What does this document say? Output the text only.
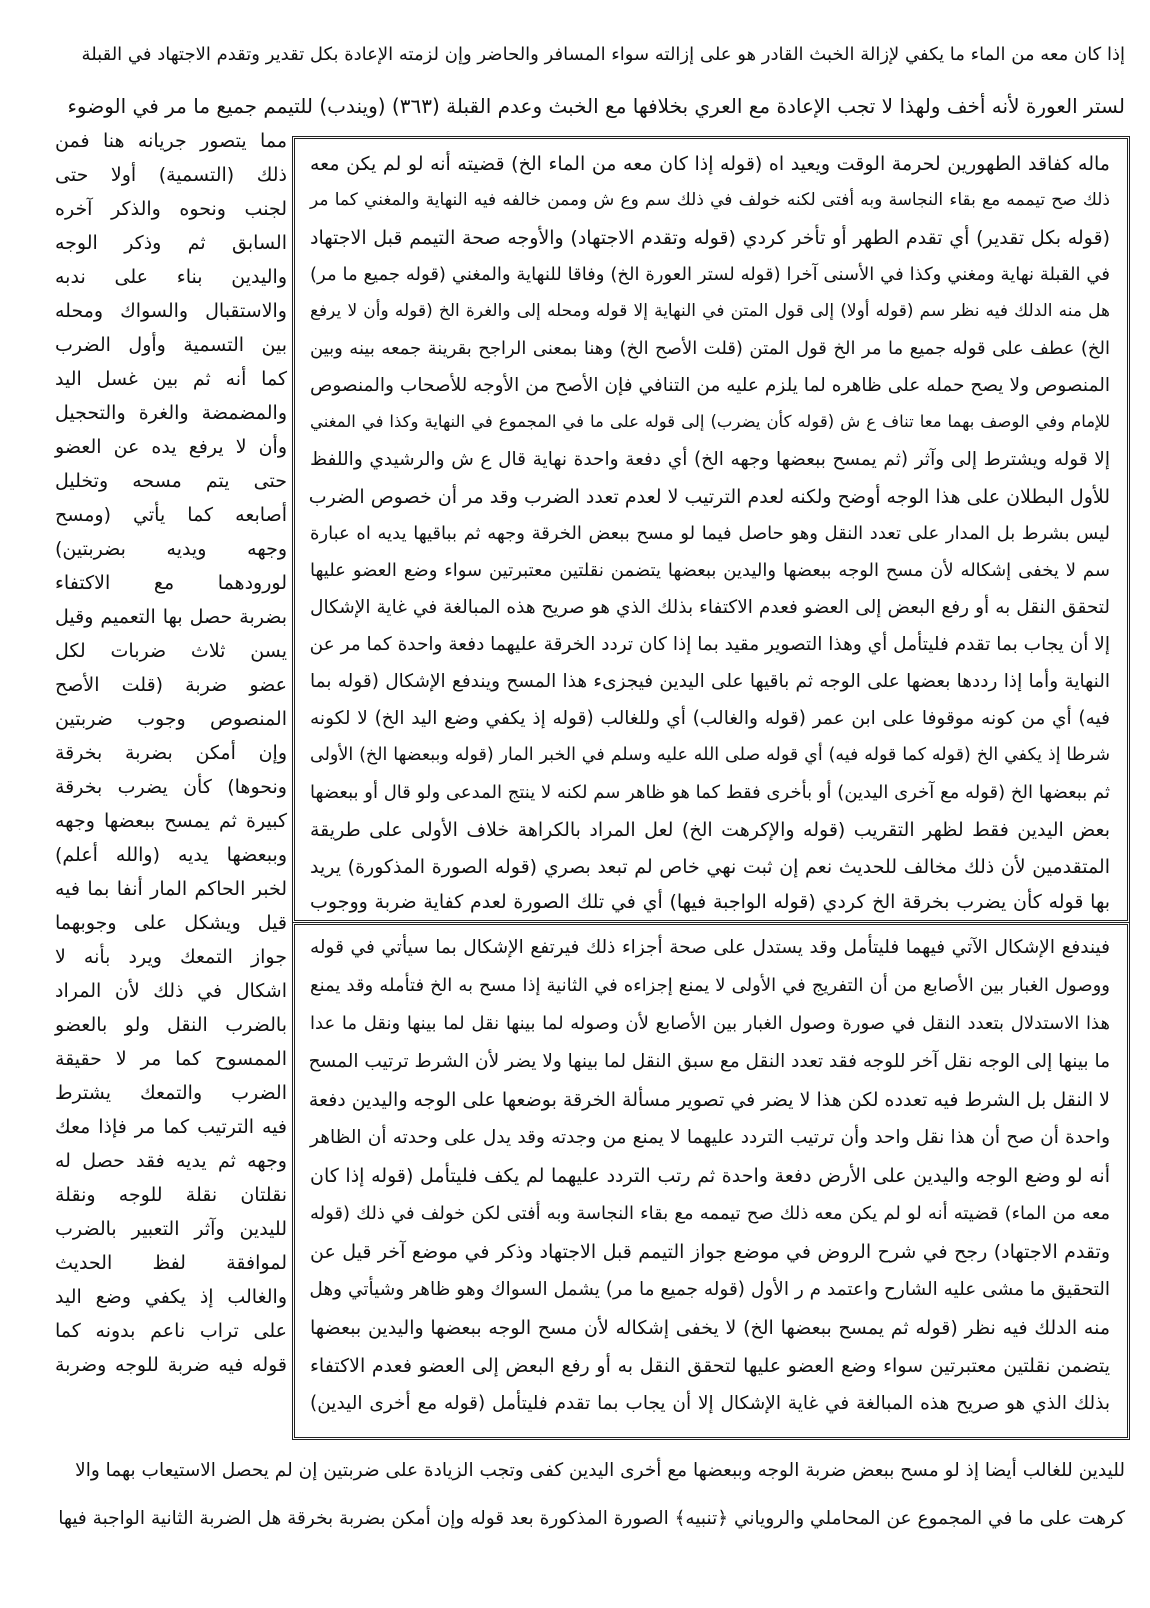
إذا كان معه من الماء ما يكفي لإزالة الخبث القادر هو على إزالته سواء المسافر والحاضر وإن لزمته الإعادة بكل تقدير وتقدم الاجتهاد في القبلة
لستر العورة لأنه أخف ولهذا لا تجب الإعادة مع العري بخلافها مع الخبث وعدم القبلة (٣٦٣) (ويندب) للتيمم جميع ما مر في الوضوء
مما يتصور جريانه هنا فمن
ذلك (التسمية) أولا حتى
لجنب ونحوه والذكر آخره
السابق ثم وذكر الوجه
واليدين بناء على ندبه
والاستقبال والسواك ومحله
بين التسمية وأول الضرب
كما أنه ثم بين غسل اليد
والمضمضة والغرة والتحجيل
وأن لا يرفع يده عن العضو
حتى يتم مسحه وتخليل
أصابعه كما يأتي (ومسح
وجهه ويديه بضربتين)
لورودهما مع الاكتفاء
بضربة حصل بها التعميم وقيل
يسن ثلاث ضربات لكل
عضو ضربة (قلت الأصح
المنصوص وجوب ضربتين
وإن أمكن بضربة بخرقة
ونحوها) كأن يضرب بخرقة
كبيرة ثم يمسح ببعضها وجهه
وببعضها يديه (والله أعلم)
لخبر الحاكم المار أنفا بما فيه
قيل ويشكل على وجوبهما
جواز التمعك ويرد بأنه لا
اشكال في ذلك لأن المراد
بالضرب النقل ولو بالعضو
الممسوح كما مر لا حقيقة
الضرب والتمعك يشترط
فيه الترتيب كما مر فإذا معك
وجهه ثم يديه فقد حصل له
نقلتان نقلة للوجه ونقلة
لليدين وآثر التعبير بالضرب
لموافقة لفظ الحديث
والغالب إذ يكفي وضع اليد
على تراب ناعم بدونه كما
قوله فيه ضربة للوجه وضربة
ماله كفاقد الطهورين لحرمة الوقت ويعيد اه (قوله إذا كان معه من الماء الخ) قضيته أنه لو لم يكن معه
ذلك صح تيممه مع بقاء النجاسة وبه أفتى لكنه خولف في ذلك سم وع ش وممن خالفه فيه النهاية والمغني كما مر
(قوله بكل تقدير) أي تقدم الطهر أو تأخر كردي (قوله وتقدم الاجتهاد) والأوجه صحة التيمم قبل الاجتهاد
في القبلة نهاية ومغني وكذا في الأسنى آخرا (قوله لستر العورة الخ) وفاقا للنهاية والمغني (قوله جميع ما مر)
هل منه الدلك فيه نظر سم (قوله أولا) إلى قول المتن في النهاية إلا قوله ومحله إلى والغرة الخ (قوله وأن لا يرفع
الخ) عطف على قوله جميع ما مر الخ قول المتن (قلت الأصح الخ) وهنا بمعنى الراجح بقرينة جمعه بينه وبين
المنصوص ولا يصح حمله على ظاهره لما يلزم عليه من التنافي فإن الأصح من الأوجه للأصحاب والمنصوص
للإمام وفي الوصف بهما معا تناف ع ش (قوله كأن يضرب) إلى قوله على ما في المجموع في النهاية وكذا في المغني
إلا قوله ويشترط إلى وآثر (ثم يمسح ببعضها وجهه الخ) أي دفعة واحدة نهاية قال ع ش والرشيدي واللفظ
للأول البطلان على هذا الوجه أوضح ولكنه لعدم الترتيب لا لعدم تعدد الضرب وقد مر أن خصوص الضرب
ليس بشرط بل المدار على تعدد النقل وهو حاصل فيما لو مسح ببعض الخرقة وجهه ثم بباقيها يديه اه عبارة
سم لا يخفى إشكاله لأن مسح الوجه ببعضها واليدين ببعضها يتضمن نقلتين معتبرتين سواء وضع العضو عليها
لتحقق النقل به أو رفع البعض إلى العضو فعدم الاكتفاء بذلك الذي هو صريح هذه المبالغة في غاية الإشكال
إلا أن يجاب بما تقدم فليتأمل أي وهذا التصوير مقيد بما إذا كان تردد الخرقة عليهما دفعة واحدة كما مر عن
النهاية وأما إذا رددها بعضها على الوجه ثم باقيها على اليدين فيجزىء هذا المسح ويندفع الإشكال (قوله بما
فيه) أي من كونه موقوفا على ابن عمر (قوله والغالب) أي وللغالب (قوله إذ يكفي وضع اليد الخ) لا لكونه
شرطا إذ يكفي الخ (قوله كما قوله فيه) أي قوله صلى الله عليه وسلم في الخبر المار (قوله وببعضها الخ) الأولى
ثم ببعضها الخ (قوله مع آخرى اليدين) أو بأخرى فقط كما هو ظاهر سم لكنه لا ينتج المدعى ولو قال أو ببعضها
بعض اليدين فقط لظهر التقريب (قوله والإكرهت الخ) لعل المراد بالكراهة خلاف الأولى على طريقة
المتقدمين لأن ذلك مخالف للحديث نعم إن ثبت نهي خاص لم تبعد بصري (قوله الصورة المذكورة) يريد
بها قوله كأن يضرب بخرقة الخ كردي (قوله الواجبة فيها) أي في تلك الصورة لعدم كفاية ضربة ووجوب
فيندفع الإشكال الآتي فيهما فليتأمل وقد يستدل على صحة أجزاء ذلك فيرتفع الإشكال بما سيأتي في قوله
ووصول الغبار بين الأصابع من أن التفريج في الأولى لا يمنع إجزاءه في الثانية إذا مسح به الخ فتأمله وقد يمنع
هذا الاستدلال بتعدد النقل في صورة وصول الغبار بين الأصابع لأن وصوله لما بينها نقل لما بينها ونقل ما عدا
ما بينها إلى الوجه نقل آخر للوجه فقد تعدد النقل مع سبق النقل لما بينها ولا يضر لأن الشرط ترتيب المسح
لا النقل بل الشرط فيه تعدده لكن هذا لا يضر في تصوير مسألة الخرقة بوضعها على الوجه واليدين دفعة
واحدة أن صح أن هذا نقل واحد وأن ترتيب التردد عليهما لا يمنع من وجدته وقد يدل على وحدته أن الظاهر
أنه لو وضع الوجه واليدين على الأرض دفعة واحدة ثم رتب التردد عليهما لم يكف فليتأمل (قوله إذا كان
معه من الماء) قضيته أنه لو لم يكن معه ذلك صح تيممه مع بقاء النجاسة وبه أفتى لكن خولف في ذلك (قوله
وتقدم الاجتهاد) رجح في شرح الروض في موضع جواز التيمم قبل الاجتهاد وذكر في موضع آخر قيل عن
التحقيق ما مشى عليه الشارح واعتمد م ر الأول (قوله جميع ما مر) يشمل السواك وهو ظاهر وشيأتي وهل
منه الدلك فيه نظر (قوله ثم يمسح ببعضها الخ) لا يخفى إشكاله لأن مسح الوجه ببعضها واليدين ببعضها
يتضمن نقلتين معتبرتين سواء وضع العضو عليها لتحقق النقل به أو رفع البعض إلى العضو فعدم الاكتفاء
بذلك الذي هو صريح هذه المبالغة في غاية الإشكال إلا أن يجاب بما تقدم فليتأمل (قوله مع أخرى اليدين)
لليدين للغالب أيضا إذ لو مسح ببعض ضربة الوجه وببعضها مع أخرى اليدين كفى وتجب الزيادة على ضربتين إن لم يحصل الاستيعاب بهما والا
كرهت على ما في المجموع عن المحاملي والروياني ﴿تنبيه﴾ الصورة المذكورة بعد قوله وإن أمكن بضربة بخرقة هل الضربة الثانية الواجبة فيها
